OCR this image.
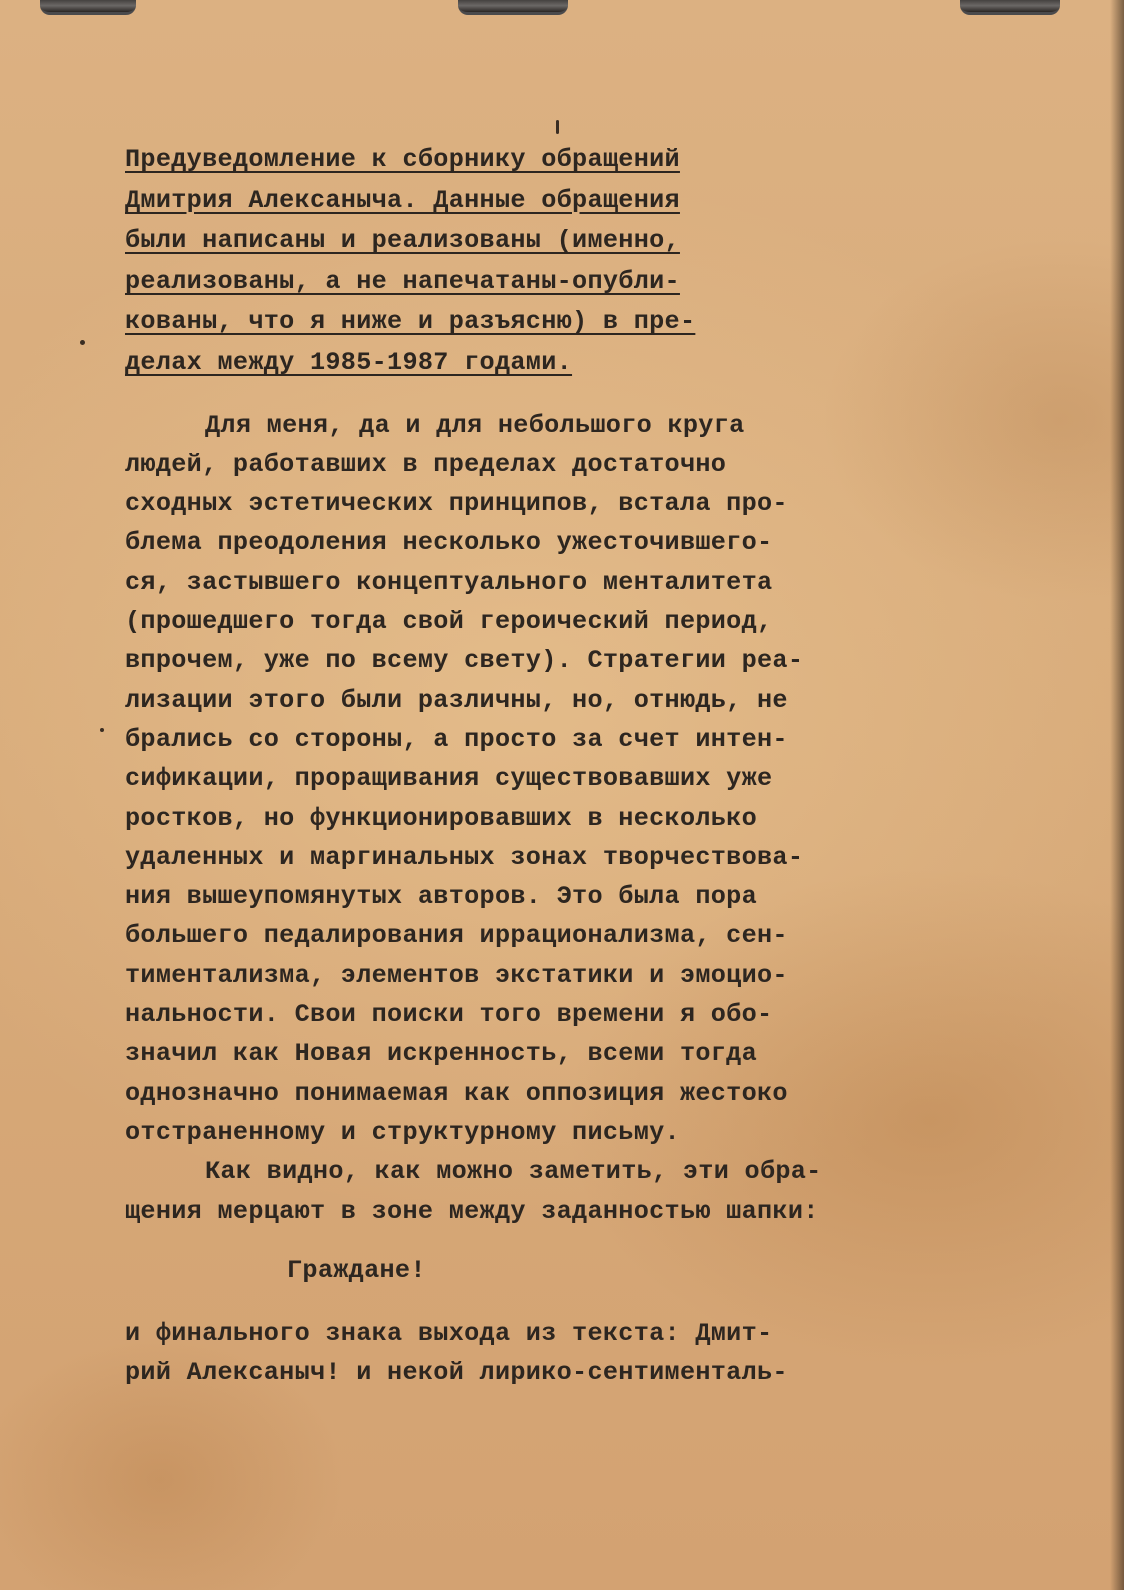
Предуведомление к сборнику обращений
Дмитрия Алексаныча. Данные обращения
были написаны и реализованы (именно,
реализованы, а не напечатаны-опубли-
кованы, что я ниже и разъясню) в пре-
делах между 1985-1987 годами.
Для меня, да и для небольшого круга
людей, работавших в пределах достаточно
сходных эстетических принципов, встала про-
блема преодоления несколько ужесточившего-
ся, застывшего концептуального менталитета
(прошедшего тогда свой героический период,
впрочем, уже по всему свету). Стратегии реа-
лизации этого были различны, но, отнюдь, не
брались со стороны, а просто за счет интен-
сификации, проращивания существовавших уже
ростков, но функционировавших в несколько
удаленных и маргинальных зонах творчествова-
ния вышеупомянутых авторов. Это была пора
большего педалирования иррационализма, сен-
тиментализма, элементов экстатики и эмоцио-
нальности. Свои поиски того времени я обо-
значил как Новая искренность, всеми тогда
однозначно понимаемая как оппозиция жестоко
отстраненному и структурному письму.
Как видно, как можно заметить, эти обра-
щения мерцают в зоне между заданностью шапки:
Граждане!
и финального знака выхода из текста: Дмит-
рий Алексаныч! и некой лирико-сентименталь-
